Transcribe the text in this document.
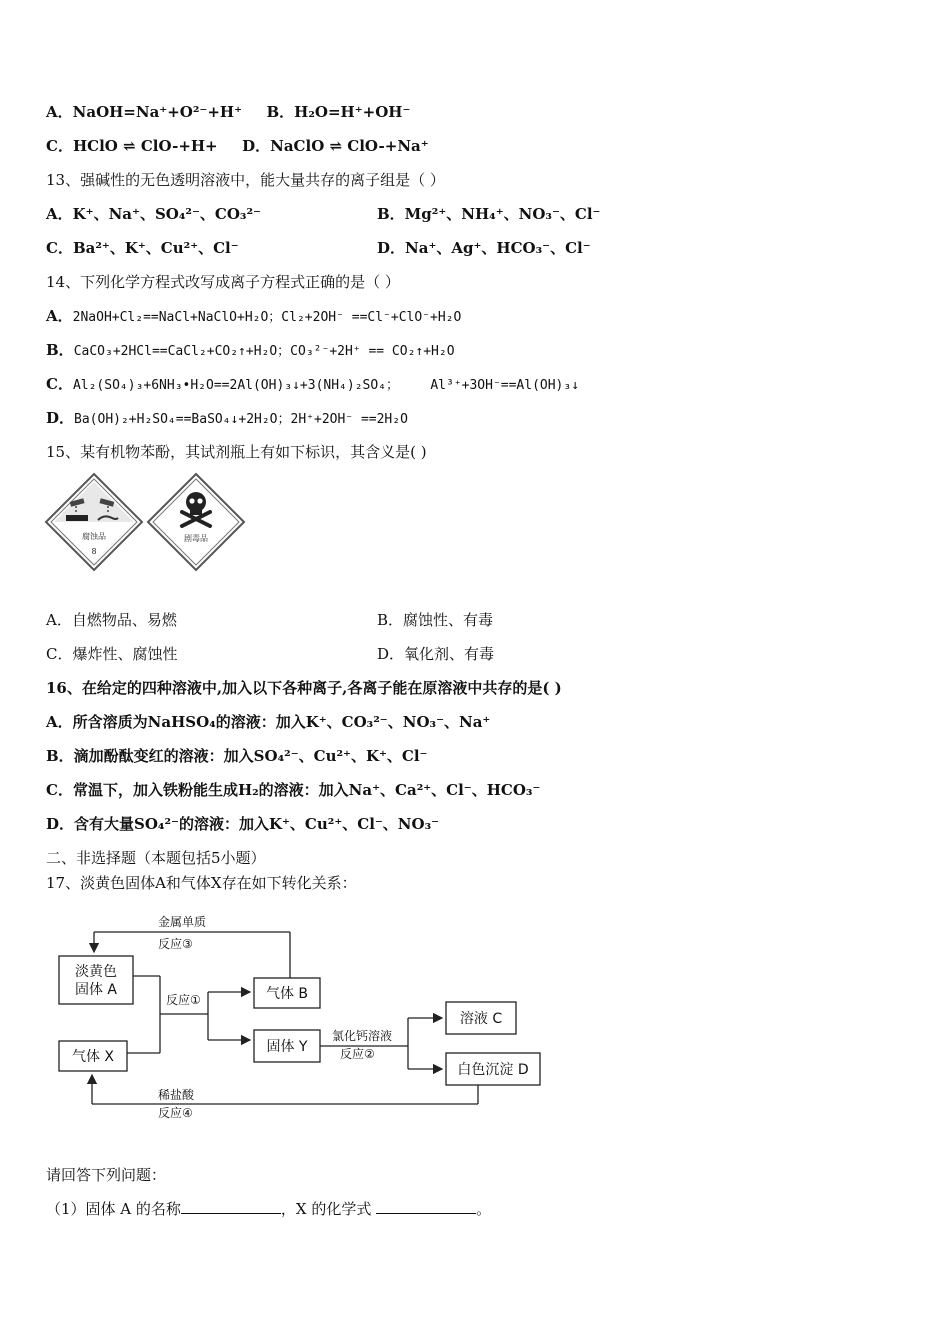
A．NaOH=Na⁺+O²⁻+H⁺ B．H₂O=H⁺+OH⁻
C．HClO ⇌ ClO-+H+ D．NaClO ⇌ ClO-+Na⁺
13、强碱性的无色透明溶液中，能大量共存的离子组是（ ）
A．K⁺、Na⁺、SO₄²⁻、CO₃²⁻	B．Mg²⁺、NH₄⁺、NO₃⁻、Cl⁻
C．Ba²⁺、K⁺、Cu²⁺、Cl⁻	D．Na⁺、Ag⁺、HCO₃⁻、Cl⁻
14、下列化学方程式改写成离子方程式正确的是（ ）
A．2NaOH+Cl₂==NaCl+NaClO+H₂O；Cl₂+2OH⁻ ==Cl⁻+ClO⁻+H₂O
B．CaCO₃+2HCl==CaCl₂+CO₂↑+H₂O；CO₃²⁻+2H⁺ == CO₂↑+H₂O
C．Al₂(SO₄)₃+6NH₃•H₂O==2Al(OH)₃↓+3(NH₄)₂SO₄；    Al³⁺+3OH⁻==Al(OH)₃↓
D．Ba(OH)₂+H₂SO₄==BaSO₄↓+2H₂O；2H⁺+2OH⁻ ==2H₂O
15、某有机物苯酚，其试剂瓶上有如下标识，其含义是( )
腐蚀品
8
剧毒品
A．自燃物品、易燃	B．腐蚀性、有毒
C．爆炸性、腐蚀性	D．氧化剂、有毒
16、在给定的四种溶液中,加入以下各种离子,各离子能在原溶液中共存的是( )
A．所含溶质为NaHSO₄的溶液：加入K⁺、CO₃²⁻、NO₃⁻、Na⁺
B．滴加酚酞变红的溶液：加入SO₄²⁻、Cu²⁺、K⁺、Cl⁻
C．常温下，加入铁粉能生成H₂的溶液：加入Na⁺、Ca²⁺、Cl⁻、HCO₃⁻
D．含有大量SO₄²⁻的溶液：加入K⁺、Cu²⁺、Cl⁻、NO₃⁻
二、非选择题（本题包括5小题）
17、淡黄色固体A和气体X存在如下转化关系：
淡黄色
固体 A
气体 X
气体 B
固体 Y
溶液 C
白色沉淀 D
金属单质
反应③
反应①
氯化钙溶液
反应②
稀盐酸
反应④
请回答下列问题：
（1）固体 A 的名称	，X 的化学式	。
